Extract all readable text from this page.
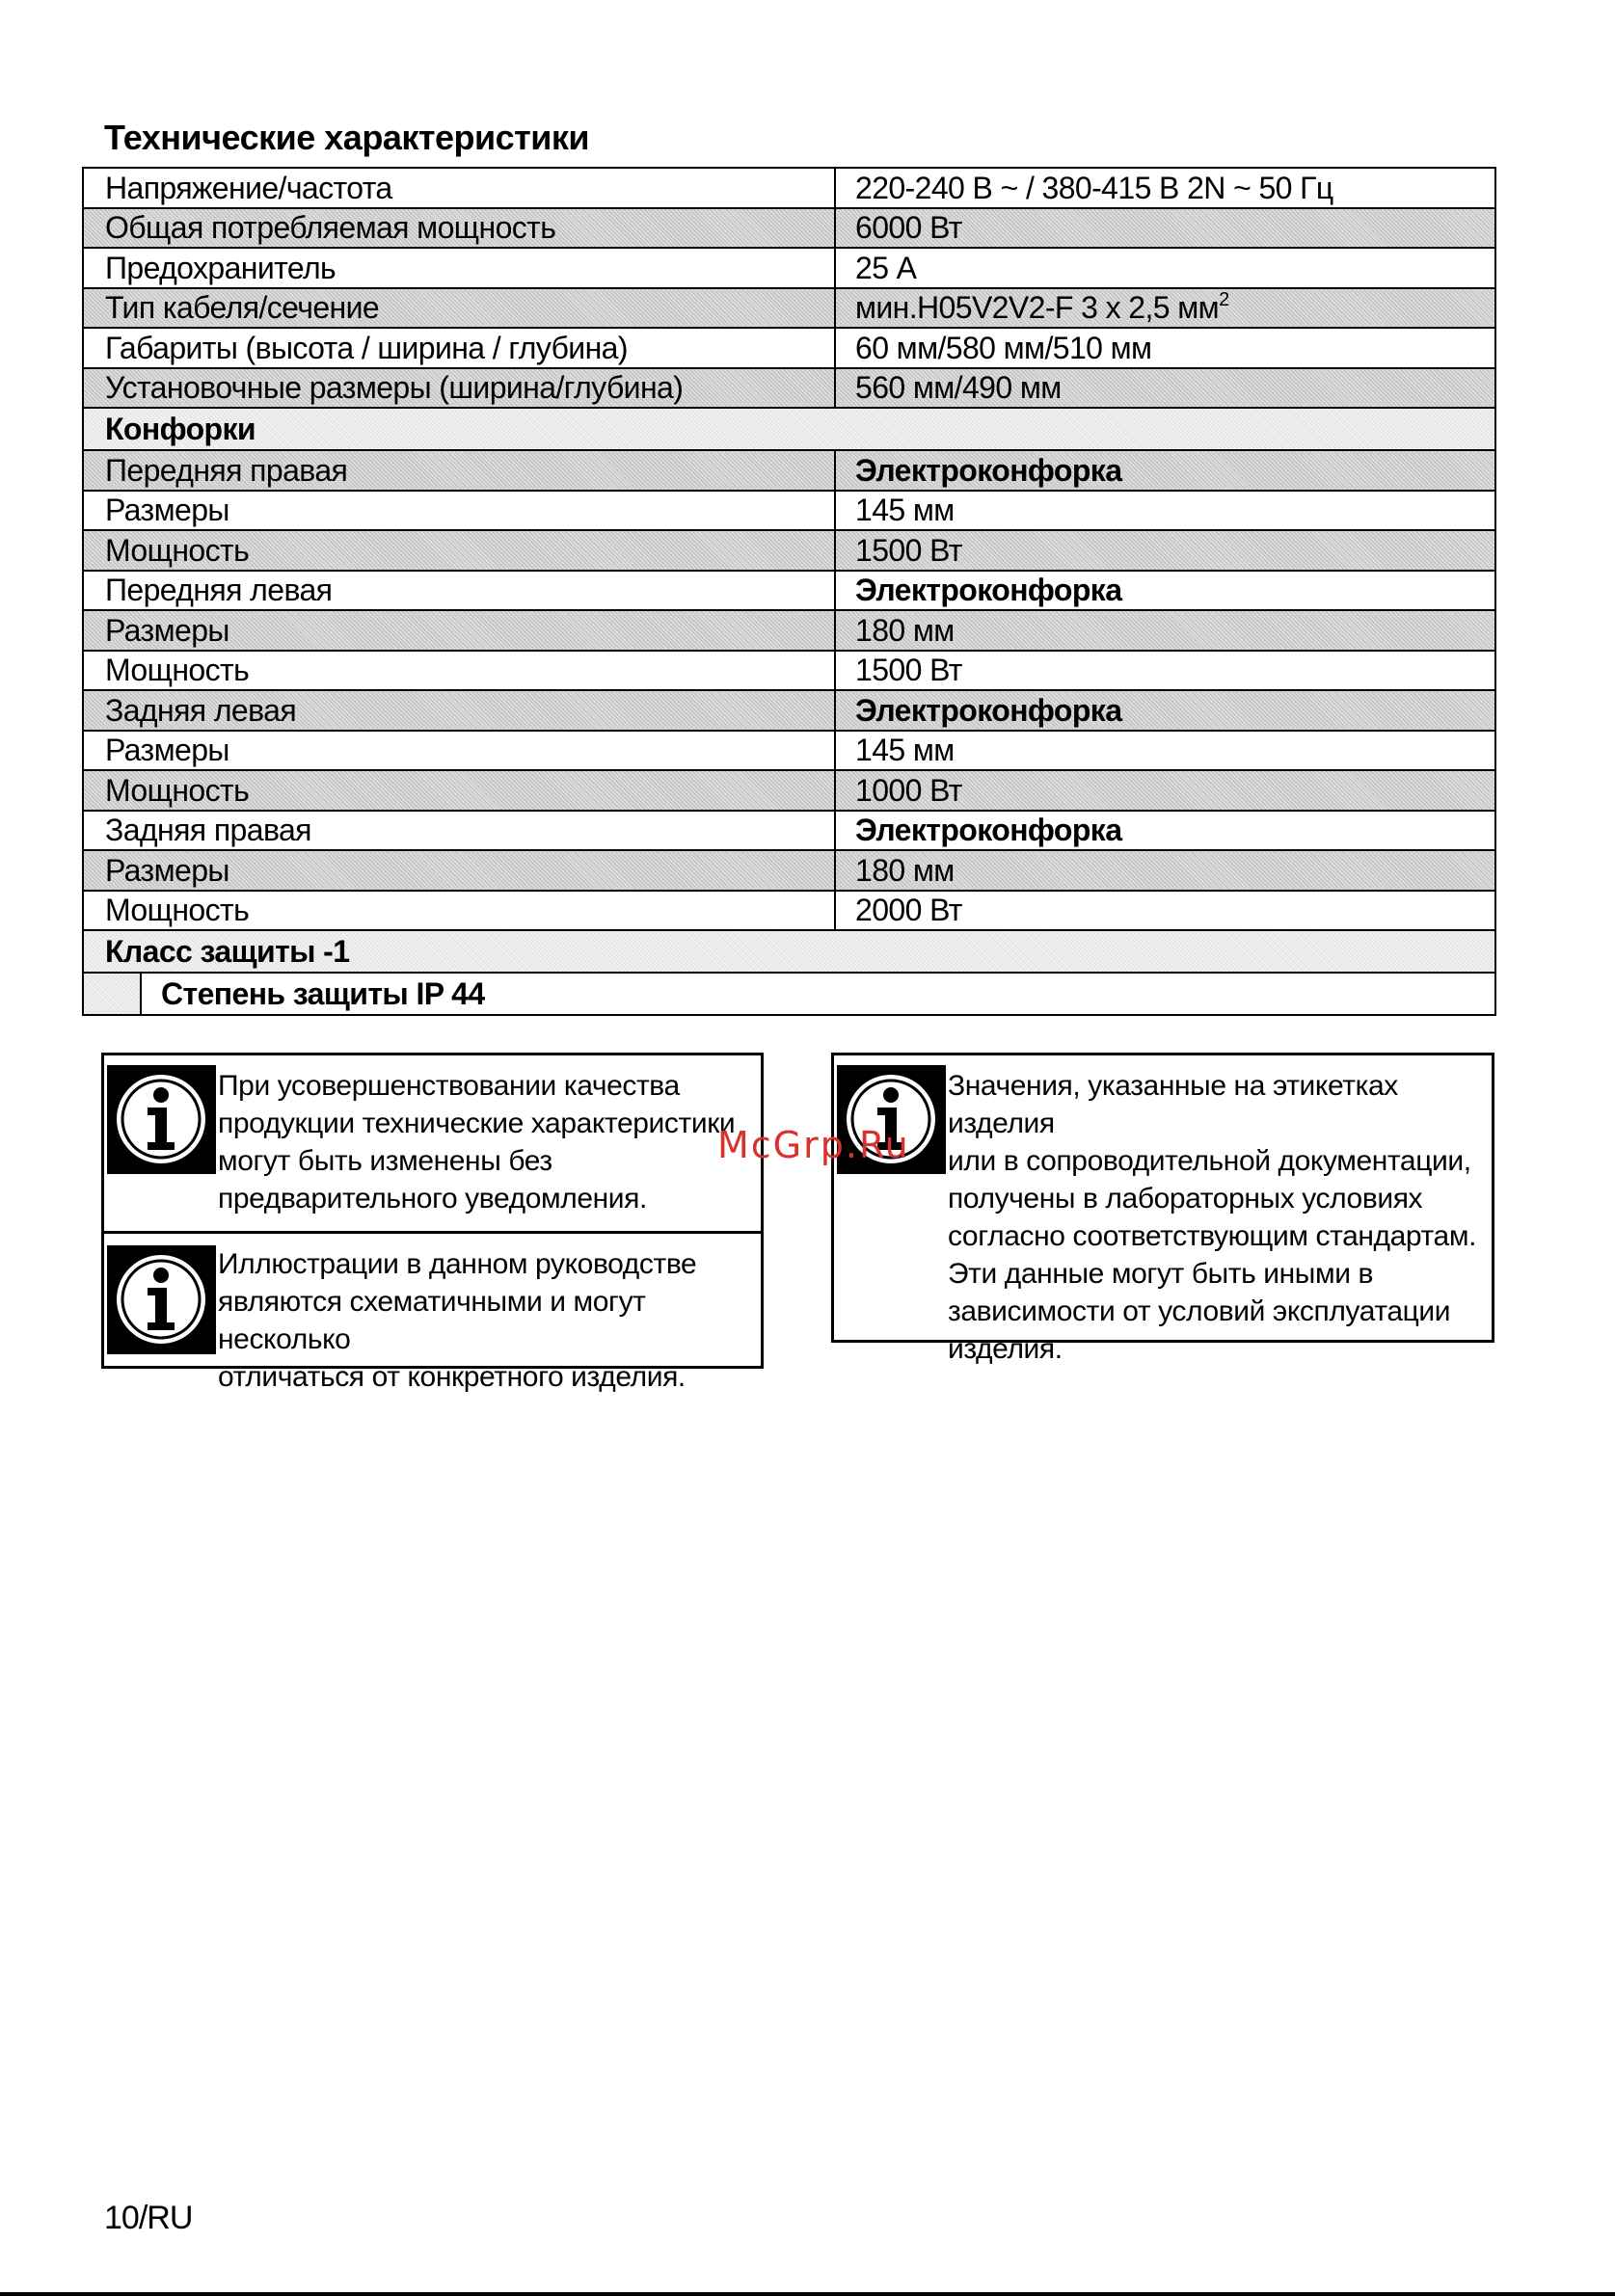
Технические характеристики
Напряжение/частота	220-240 В ~ / 380-415 В 2N ~ 50 Гц
Общая потребляемая мощность	6000 Вт
Предохранитель	25 А
Тип кабеля/сечение	мин.H05V2V2-F 3 x 2,5 $мм^2$
Габариты (высота / ширина / глубина)	60 мм/580 мм/510 мм
Установочные размеры (ширина/глубина)	560 мм/490 мм
Конфорки	
Передняя правая	Электроконфорка
Размеры	145 мм
Мощность	1500 Вт
Передняя левая	Электроконфорка
Размеры	180 мм
Мощность	1500 Вт
Задняя левая	Электроконфорка
Размеры	145 мм
Мощность	1000 Вт
Задняя правая	Электроконфорка
Размеры	180 мм
Мощность	2000 Вт
Класс защиты -1	

Степень защиты IP 44	
При усовершенствовании качества
продукции технические характеристики
могут быть изменены без
предварительного уведомления.
Иллюстрации в данном руководстве
являются схематичными и могут несколько
отличаться от конкретного изделия.
Значения, указанные на этикетках изделия
или в сопроводительной документации,
получены в лабораторных условиях
согласно соответствующим стандартам.
Эти данные могут быть иными в
зависимости от условий эксплуатации
изделия.
McGrp.Ru
10/RU
